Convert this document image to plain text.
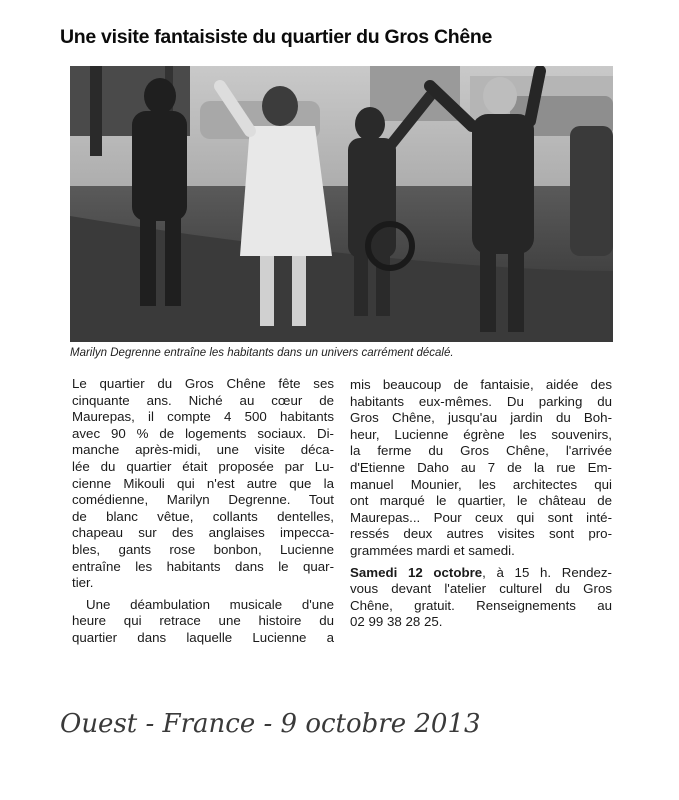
Une visite fantaisiste du quartier du Gros Chêne
Marilyn Degrenne entraîne les habitants dans un univers carrément décalé.
Le quartier du Gros Chêne fête ses
cinquante ans. Niché au cœur de
Maurepas, il compte 4 500 habitants
avec 90 % de logements sociaux. Di-
manche après-midi, une visite déca-
lée du quartier était proposée par Lu-
cienne Mikouli qui n'est autre que la
comédienne, Marilyn Degrenne. Tout
de blanc vêtue, collants dentelles,
chapeau sur des anglaises impecca-
bles, gants rose bonbon, Lucienne
entraîne les habitants dans le quar-
tier.
Une déambulation musicale d'une
heure qui retrace une histoire du
quartier dans laquelle Lucienne a
mis beaucoup de fantaisie, aidée des
habitants eux-mêmes. Du parking du
Gros Chêne, jusqu'au jardin du Boh-
heur, Lucienne égrène les souvenirs,
la ferme du Gros Chêne, l'arrivée
d'Etienne Daho au 7 de la rue Em-
manuel Mounier, les architectes qui
ont marqué le quartier, le château de
Maurepas... Pour ceux qui sont inté-
ressés deux autres visites sont pro-
grammées mardi et samedi.
Samedi 12 octobre, à 15 h. Rendez-
vous devant l'atelier culturel du Gros
Chêne, gratuit. Renseignements au
02 99 38 28 25.
Ouest - France - 9 octobre 2013
